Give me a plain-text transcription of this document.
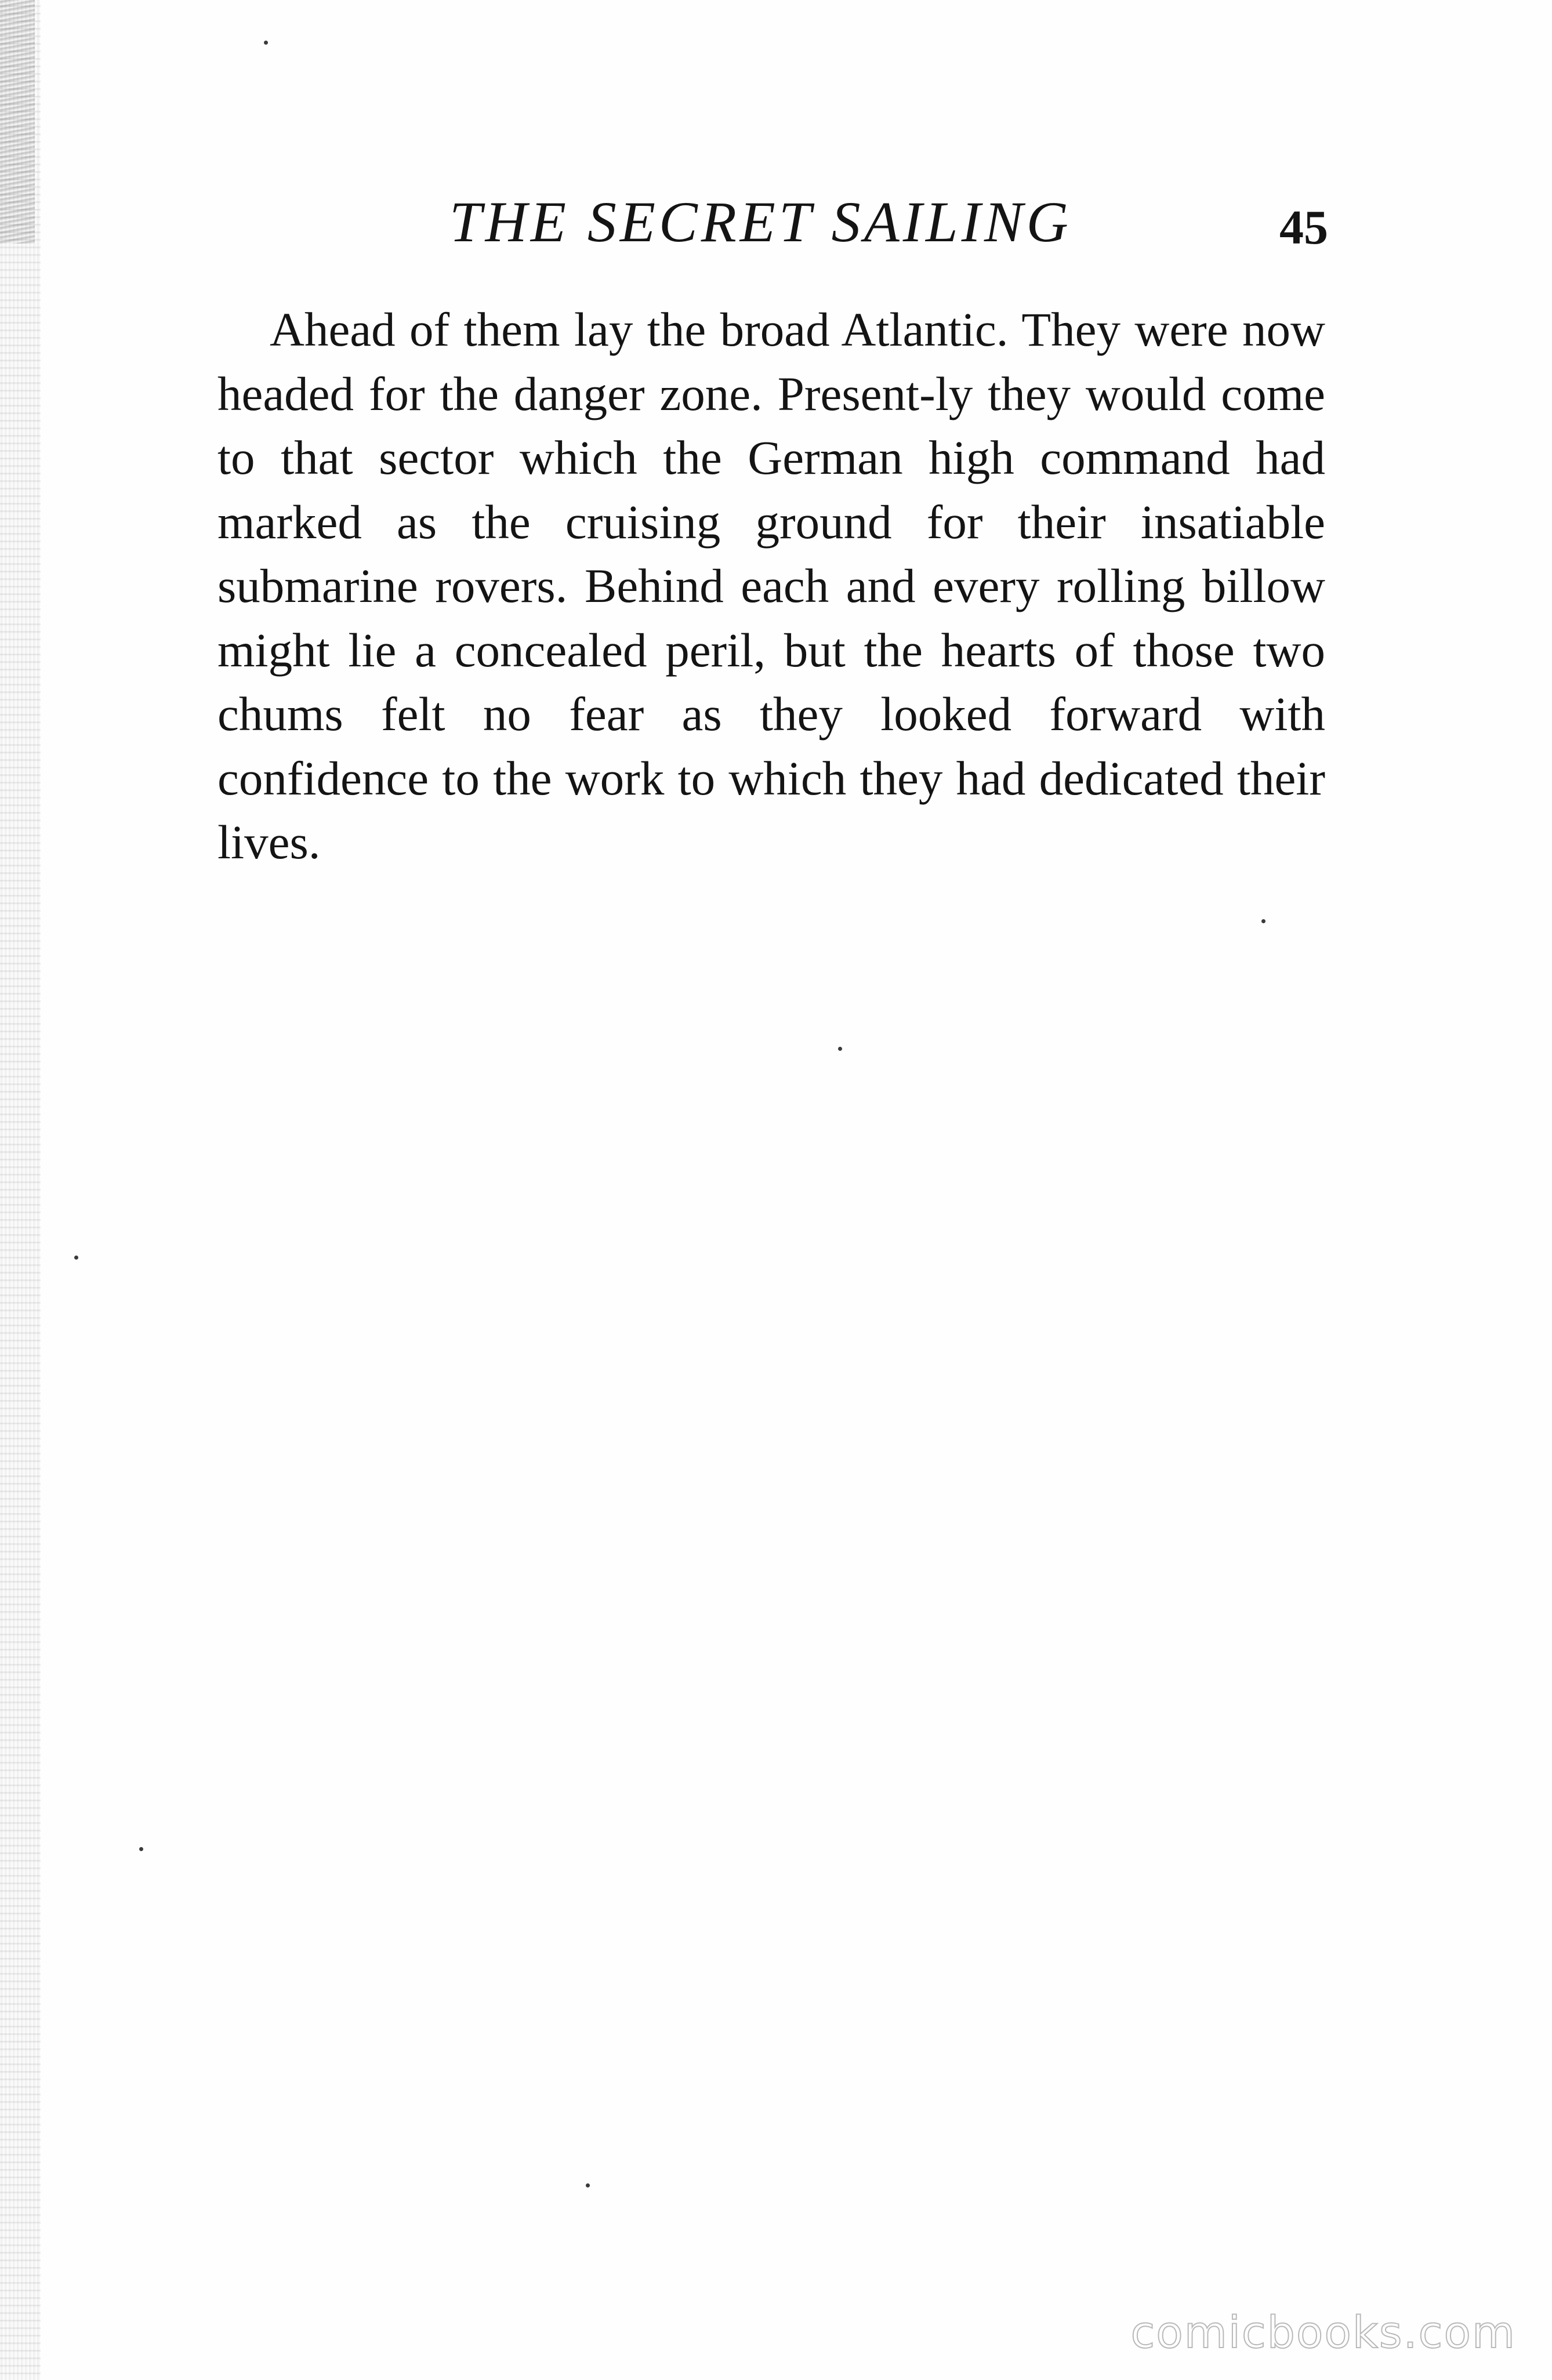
THE SECRET SAILING	45

Ahead of them lay the broad Atlantic. They were now headed for the danger zone. Present-ly they would come to that sector which the German high command had marked as the cruising ground for their insatiable submarine rovers. Behind each and every rolling billow might lie a concealed peril, but the hearts of those two chums felt no fear as they looked forward with confidence to the work to which they had dedicated their lives.

comicbooks.com
